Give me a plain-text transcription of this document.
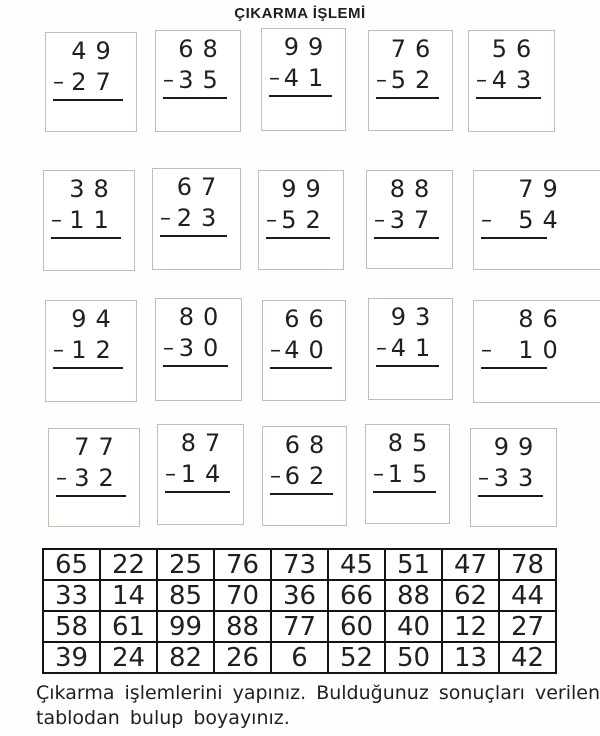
ÇIKARMA İŞLEMİ
49
– 27
68
– 35
99
– 41
76
– 52
56
– 43
38
– 11
67
– 23
99
– 52
88
– 37
79
– 54
94
– 12
80
– 30
66
– 40
93
– 41
86
– 10
77
– 32
87
– 14
68
– 62
85
– 15
99
– 33
65	22	25	76	73	45	51	47	78
33	14	85	70	36	66	88	62	44
58	61	99	88	77	60	40	12	27
39	24	82	26	6	52	50	13	42
Çıkarma işlemlerini yapınız. Bulduğunuz sonuçları verilen
tablodan bulup boyayınız.
